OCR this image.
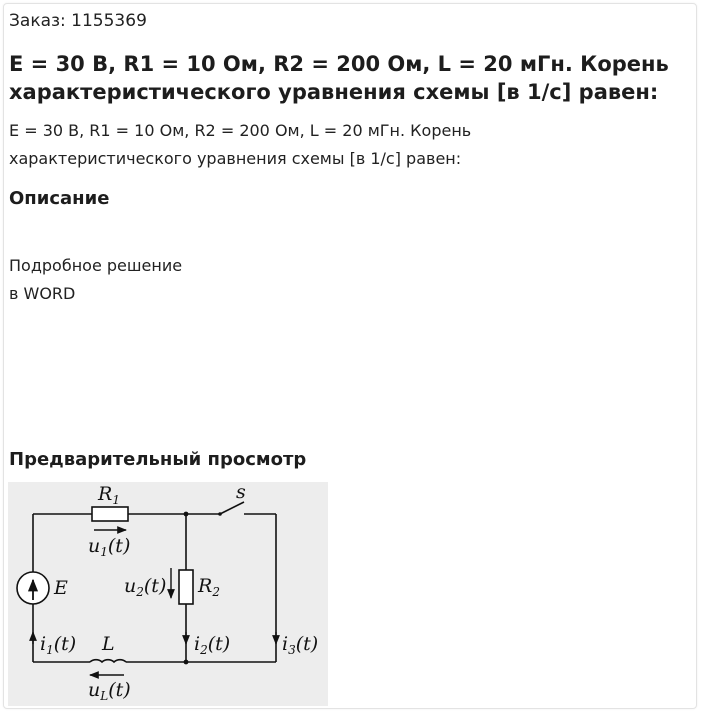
Заказ: 1155369
E = 30 В, R1 = 10 Ом, R2 = 200 Ом, L = 20 мГн. Корень характеристического уравнения схемы [в 1/с] равен:
E = 30 В, R1 = 10 Ом, R2 = 200 Ом, L = 20 мГн. Корень
характеристического уравнения схемы [в 1/с] равен:
Описание
Подробное решение
в WORD
Предварительный просмотр
$R_1$	s
$u_1(t)$
E	$u_2(t)$ $R_2$
$i_1(t)$ L	$i_2(t)$	$i_3(t)$
$u_L(t)$
